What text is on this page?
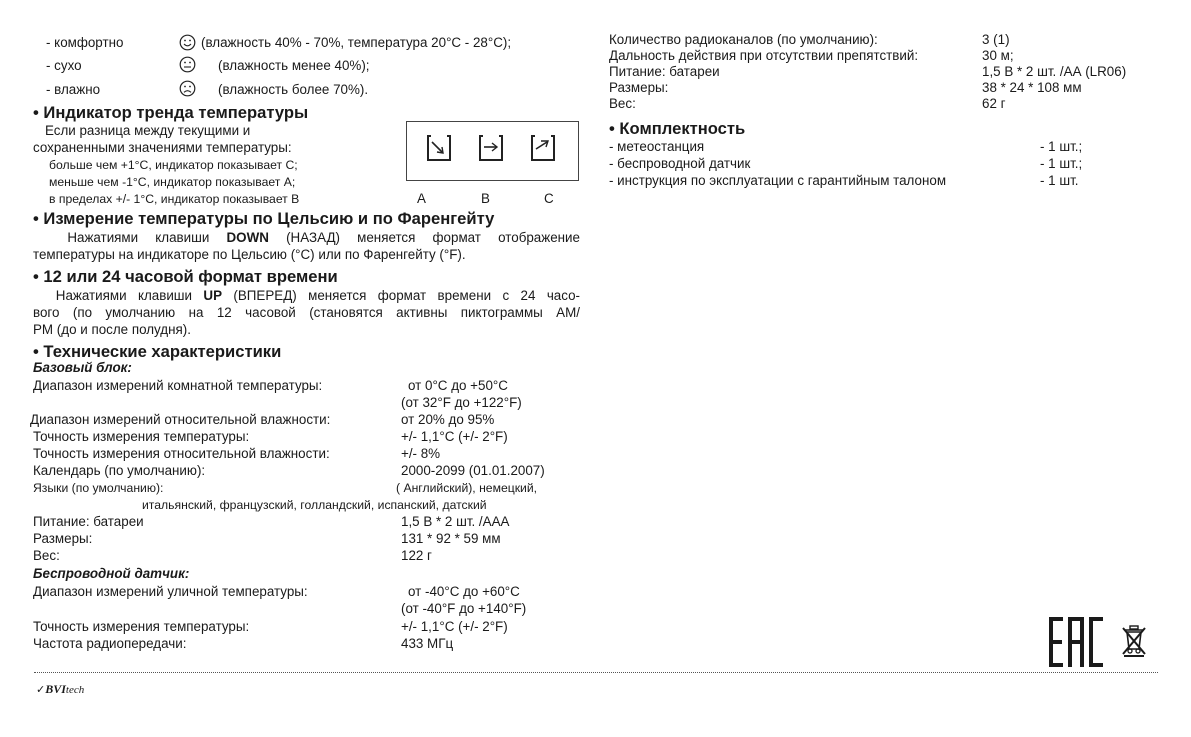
- комфортно	(влажность 40% - 70%, температура 20°C - 28°C);
- сухо	(влажность менее 40%);
- влажно	(влажность более 70%).
• Индикатор тренда температуры
Если разница между текущими и
сохраненными значениями температуры:
больше чем +1°C, индикатор показывает С;
меньше чем -1°C, индикатор показывает А;
в пределах +/- 1°C, индикатор показывает В	A	B	C
• Измерение температуры по Цельсию и по Фаренгейту
Нажатиями клавиши DOWN (НАЗАД) меняется формат отображение
температуры на индикаторе по Цельсию (°C) или по Фаренгейту (°F).
• 12 или 24 часовой формат времени
Нажатиями клавиши UP (ВПЕРЕД) меняется формат времени с 24 часо-
вого (по умолчанию на 12 часовой (становятся активны пиктограммы AM/
PM (до и после полудня).
• Технические характеристики
Базовый блок:
Диапазон измерений комнатной температуры:	от 0°C до +50°C
(от 32°F до +122°F)
Диапазон измерений относительной влажности:	от 20% до 95%
Точность измерения температуры:	+/- 1,1°C (+/- 2°F)
Точность измерения относительной влажности:	+/- 8%
Календарь (по умолчанию):	2000-2099 (01.01.2007)
Языки (по умолчанию):	( Английский), немецкий,
итальянский, французский, голландский, испанский, датский
Питание: батареи	1,5 В * 2 шт. /ААА
Размеры:	131 * 92 * 59 мм
Вес:	122 г
Беспроводной датчик:
Диапазон измерений уличной температуры:	от -40°C до +60°C
(от -40°F до +140°F)
Точность измерения температуры:	+/- 1,1°C (+/- 2°F)
Частота радиопередачи:	433 МГц
Количество радиоканалов (по умолчанию):	3 (1)
Дальность действия при отсутствии препятствий:	30 м;
Питание: батареи	1,5 В * 2 шт. /АА (LR06)
Размеры:	38 * 24 * 108 мм
Вес:	62 г
• Комплектность
- метеостанция	- 1 шт.;
- беспроводной датчик	- 1 шт.;
- инструкция по эксплуатации с гарантийным талоном	- 1 шт.
✓BVItech
